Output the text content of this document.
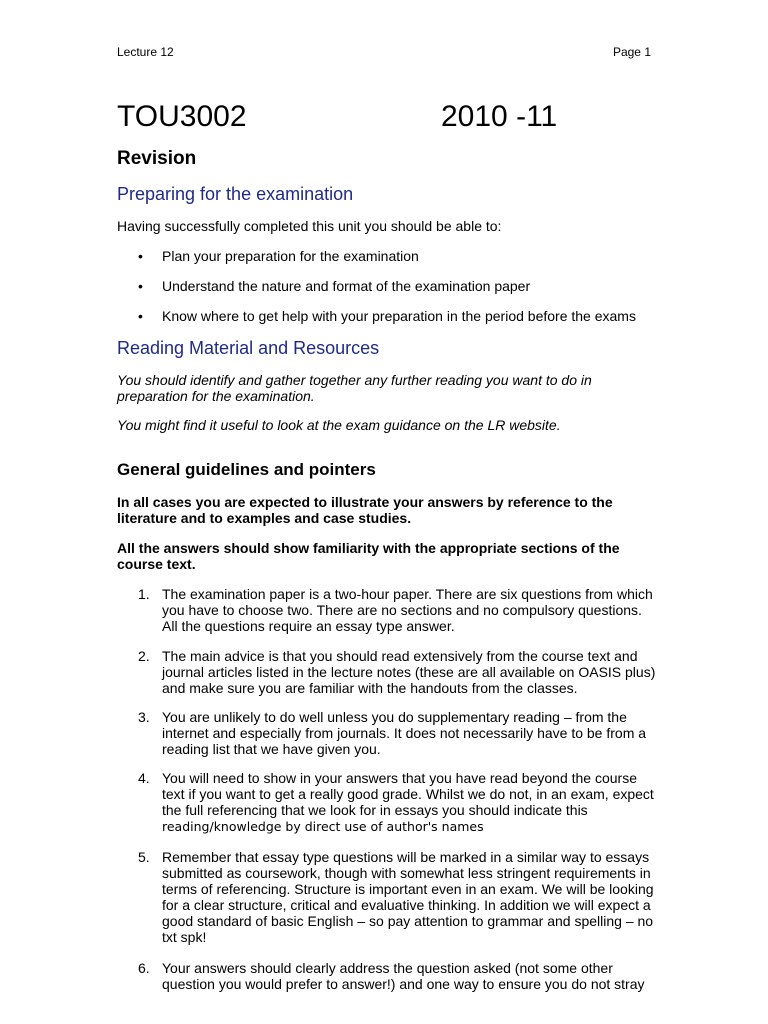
Lecture 12	Page 1
TOU3002	2010 -11
Revision
Preparing for the examination

Having successfully completed this unit you should be able to:

•	Plan your preparation for the examination
•	Understand the nature and format of the examination paper
•	Know where to get help with your preparation in the period before the exams
Reading Material and Resources

You should identify and gather together any further reading you want to do in preparation for the examination.

You might find it useful to look at the exam guidance on the LR website.

General guidelines and pointers

In all cases you are expected to illustrate your answers by reference to the literature and to examples and case studies.

All the answers should show familiarity with the appropriate sections of the course text.

1. The examination paper is a two-hour paper. There are six questions from which you have to choose two. There are no sections and no compulsory questions. All the questions require an essay type answer.
2. The main advice is that you should read extensively from the course text and journal articles listed in the lecture notes (these are all available on OASIS plus) and make sure you are familiar with the handouts from the classes.
3. You are unlikely to do well unless you do supplementary reading – from the internet and especially from journals. It does not necessarily have to be from a reading list that we have given you.
4. You will need to show in your answers that you have read beyond the course text if you want to get a really good grade. Whilst we do not, in an exam, expect the full referencing that we look for in essays you should indicate this
reading/knowledge by direct use of author's names
5. Remember that essay type questions will be marked in a similar way to essays submitted as coursework, though with somewhat less stringent requirements in terms of referencing. Structure is important even in an exam. We will be looking for a clear structure, critical and evaluative thinking. In addition we will expect a good standard of basic English – so pay attention to grammar and spelling – no txt spk!
6. Your answers should clearly address the question asked (not some other question you would prefer to answer!) and one way to ensure you do not stray
